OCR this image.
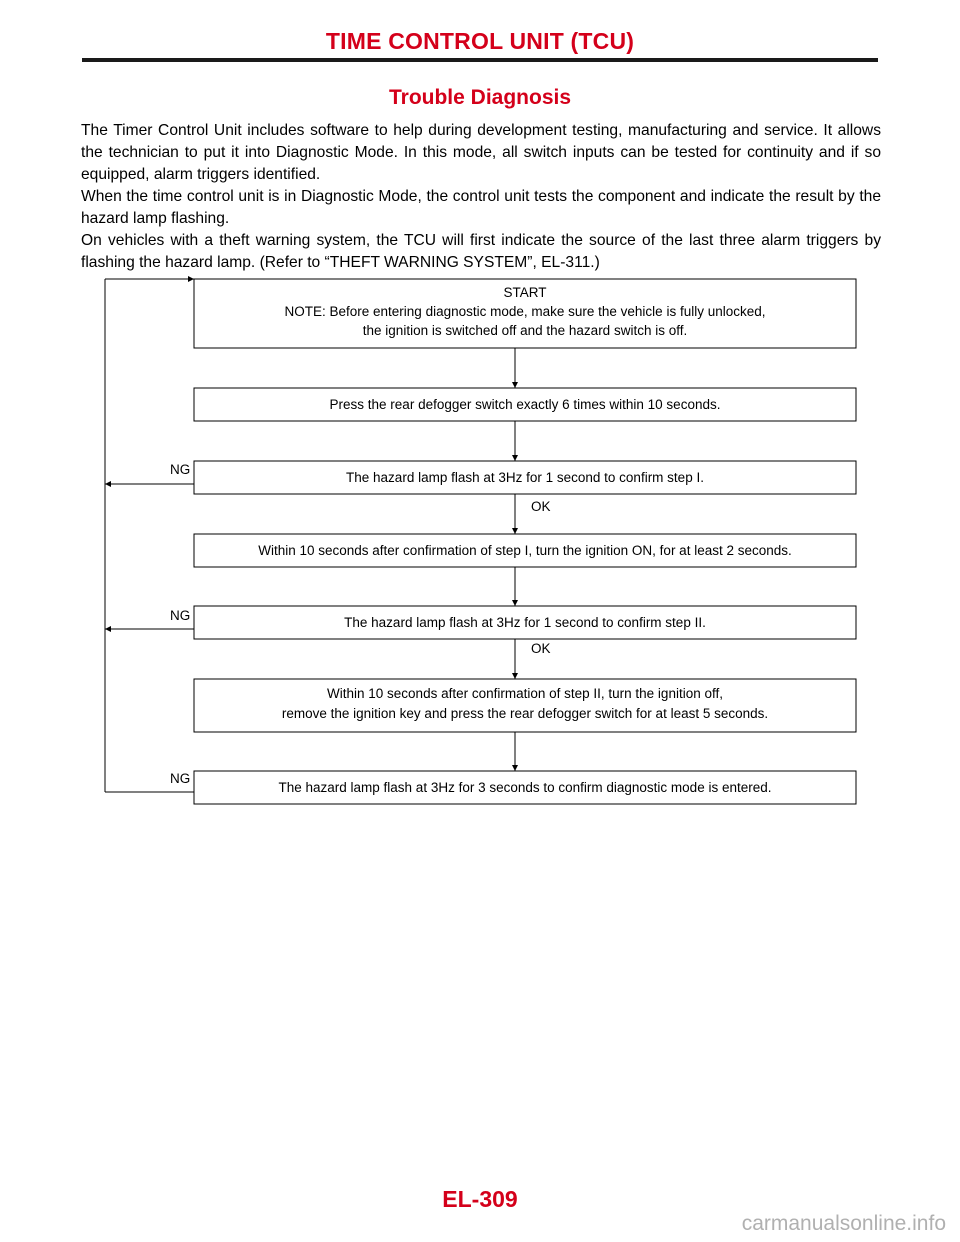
TIME CONTROL UNIT (TCU)
Trouble Diagnosis

The Timer Control Unit includes software to help during development testing, manufacturing and service. It allows the technician to put it into Diagnostic Mode. In this mode, all switch inputs can be tested for continuity and if so equipped, alarm triggers identified.

When the time control unit is in Diagnostic Mode, the control unit tests the component and indicate the result by the hazard lamp flashing.

On vehicles with a theft warning system, the TCU will first indicate the source of the last three alarm triggers by flashing the hazard lamp. (Refer to “THEFT WARNING SYSTEM”, EL-311.)

START
NOTE: Before entering diagnostic mode, make sure the vehicle is fully unlocked,
the ignition is switched off and the hazard switch is off.
Press the rear defogger switch exactly 6 times within 10 seconds.
The hazard lamp flash at 3Hz for 1 second to confirm step I.
Within 10 seconds after confirmation of step I, turn the ignition ON, for at least 2 seconds.
The hazard lamp flash at 3Hz for 1 second to confirm step II.
Within 10 seconds after confirmation of step II, turn the ignition off,
remove the ignition key and press the rear defogger switch for at least 5 seconds.
The hazard lamp flash at 3Hz for 3 seconds to confirm diagnostic mode is entered.
OK
OK
NG
NG
NG
EL-309
carmanualsonline.info
